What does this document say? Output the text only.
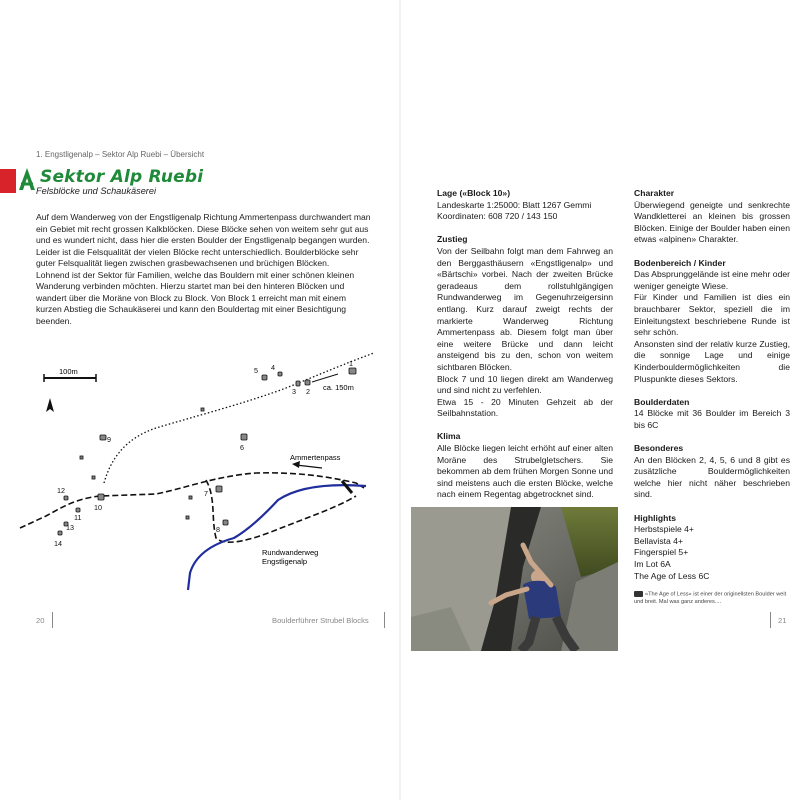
1. Engstligenalp – Sektor Alp Ruebi – Übersicht
Sektor Alp Ruebi
Felsblöcke und Schaukäserei

Auf dem Wanderweg von der Engstligenalp Richtung Ammertenpass durchwandert man ein Gebiet mit recht grossen Kalkblöcken. Diese Blöcke sehen von weitem sehr gut aus und es wundert nicht, dass hier die ersten Boulder der Engstligenalp begangen wurden.

Leider ist die Felsqualität der vielen Blöcke recht unterschiedlich. Boulderblöcke sehr guter Felsqualität liegen zwischen grasbewachsenen und brüchigen Blöcken.

Lohnend ist der Sektor für Familien, welche das Bouldern mit einer schönen kleinen Wanderung verbinden möchten. Hierzu startet man bei den hinteren Blöcken und wandert über die Moräne von Block zu Block. Von Block 1 erreicht man mit einem kurzen Abstieg die Schaukäserei und kann den Bouldertag mit einer Besichtigung beenden.

100m
Ammertenpass
Rundwanderweg
Engstligenalp
ca. 150m
1
2
3
4
5
6
7
8
9
10
11
12
13
14
20	Boulderführer Strubel Blocks
Lage («Block 10»)

Landeskarte 1:25000: Blatt 1267 Gemmi

Koordinaten: 608 720 / 143 150

Zustieg

Von der Seilbahn folgt man dem Fahrweg an den Berggasthäusern «Engstligenalp» und «Bärtschi» vorbei. Nach der zweiten Brücke geradeaus dem rollstuhlgängigen Rundwanderweg im Gegenuhrzeigersinn entlang. Kurz darauf zweigt rechts der markierte Wanderweg Richtung Ammertenpass ab. Diesem folgt man über eine weitere Brücke und dann leicht ansteigend bis zu den, schon von weitem sichtbaren Blöcken.

Block 7 und 10 liegen direkt am Wanderweg und sind nicht zu verfehlen.

Etwa 15 - 20 Minuten Gehzeit ab der Seilbahnstation.

Klima

Alle Blöcke liegen leicht erhöht auf einer alten Moräne des Strubelgletschers. Sie bekommen ab dem frühen Morgen Sonne und sind meistens auch die ersten Blöcke, welche nach einem Regentag abgetrocknet sind.

Charakter

Überwiegend geneigte und senkrechte Wandkletterei an kleinen bis grossen Blöcken. Einige der Boulder haben einen etwas «alpinen» Charakter.

Bodenbereich / Kinder

Das Absprunggelände ist eine mehr oder weniger geneigte Wiese.

Für Kinder und Familien ist dies ein brauchbarer Sektor, speziell die im Einleitungstext beschriebene Runde ist sehr schön.

Ansonsten sind der relativ kurze Zustieg, die sonnige Lage und einige Kinderbouldermöglichkeiten die Pluspunkte dieses Sektors.

Boulderdaten

14 Blöcke mit 36 Boulder im Bereich 3 bis 6C

Besonderes

An den Blöcken 2, 4, 5, 6 und 8 gibt es zusätzliche Bouldermöglichkeiten welche hier nicht näher beschrieben sind.

Highlights

Herbstspiele 4+

Bellavista 4+

Fingerspiel 5+

Im Lot 6A

The Age of Less 6C

«The Age of Less» ist einer der originellsten Boulder weit und breit. Mal was ganz anderes....
21
